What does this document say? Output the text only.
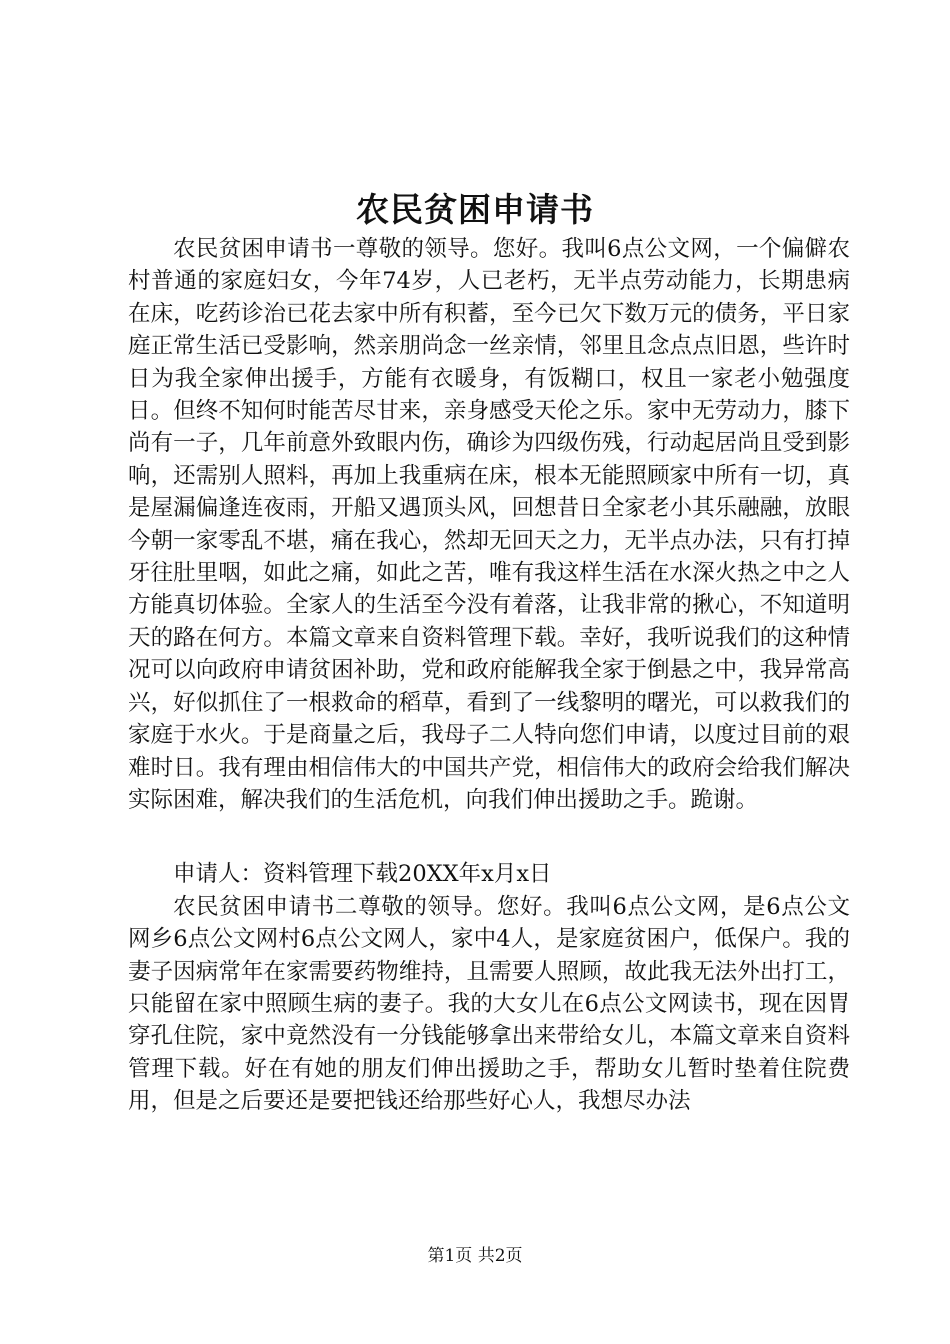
农民贫困申请书

农民贫困申请书一尊敬的领导。您好。我叫6点公文网，一个偏僻农村普通的家庭妇女，今年74岁，人已老朽，无半点劳动能力，长期患病在床，吃药诊治已花去家中所有积蓄，至今已欠下数万元的债务，平日家庭正常生活已受影响，然亲朋尚念一丝亲情，邻里且念点点旧恩，些许时日为我全家伸出援手，方能有衣暖身，有饭糊口，权且一家老小勉强度日。但终不知何时能苦尽甘来，亲身感受天伦之乐。家中无劳动力，膝下尚有一子，几年前意外致眼内伤，确诊为四级伤残，行动起居尚且受到影响，还需别人照料，再加上我重病在床，根本无能照顾家中所有一切，真是屋漏偏逢连夜雨，开船又遇顶头风，回想昔日全家老小其乐融融，放眼今朝一家零乱不堪，痛在我心，然却无回天之力，无半点办法，只有打掉牙往肚里咽，如此之痛，如此之苦，唯有我这样生活在水深火热之中之人方能真切体验。全家人的生活至今没有着落，让我非常的揪心，不知道明天的路在何方。本篇文章来自资料管理下载。幸好，我听说我们的这种情况可以向政府申请贫困补助，党和政府能解我全家于倒悬之中，我异常高兴，好似抓住了一根救命的稻草，看到了一线黎明的曙光，可以救我们的家庭于水火。于是商量之后，我母子二人特向您们申请，以度过目前的艰难时日。我有理由相信伟大的中国共产党，相信伟大的政府会给我们解决实际困难，解决我们的生活危机，向我们伸出援助之手。跪谢。

申请人：资料管理下载20XX年x月x日

农民贫困申请书二尊敬的领导。您好。我叫6点公文网，是6点公文网乡6点公文网村6点公文网人，家中4人，是家庭贫困户，低保户。我的妻子因病常年在家需要药物维持，且需要人照顾，故此我无法外出打工，只能留在家中照顾生病的妻子。我的大女儿在6点公文网读书，现在因胃穿孔住院，家中竟然没有一分钱能够拿出来带给女儿，本篇文章来自资料管理下载。好在有她的朋友们伸出援助之手，帮助女儿暂时垫着住院费用，但是之后要还是要把钱还给那些好心人，我想尽办法

第1页 共2页
